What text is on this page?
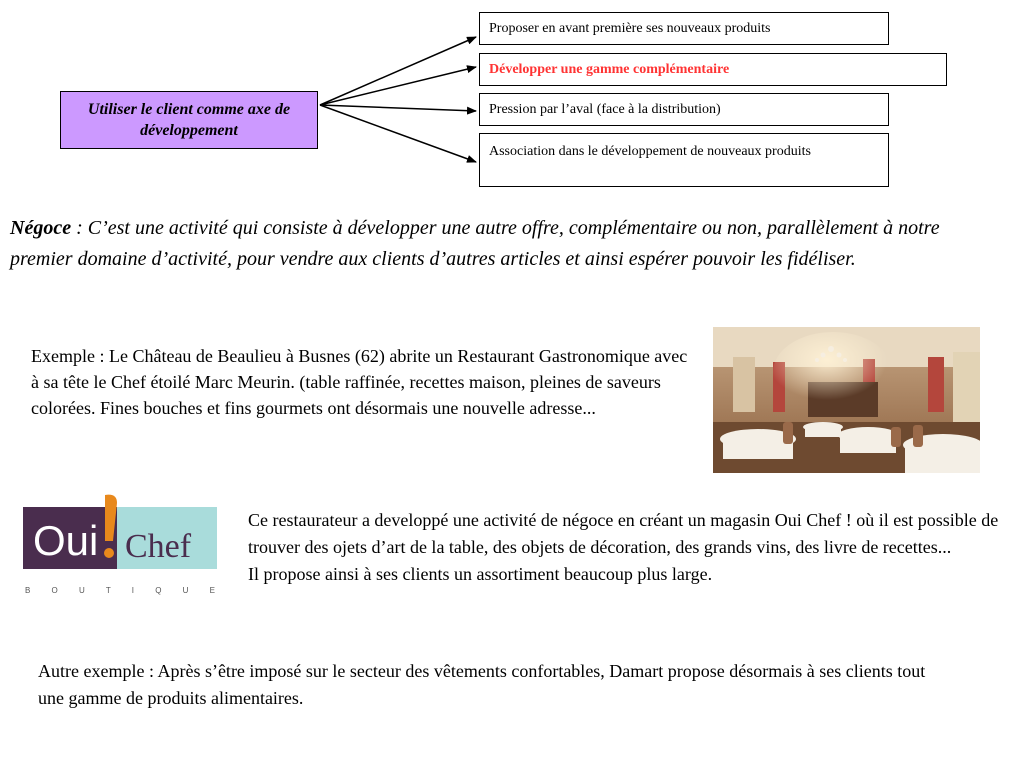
Utiliser le client comme axe de développement
Proposer en avant première ses nouveaux produits
Développer une gamme complémentaire
Pression par l’aval (face à la distribution)
Association dans le développement de nouveaux produits

Négoce : C’est une activité qui consiste à développer une autre offre, complémentaire ou non, parallèlement à notre premier domaine d’activité, pour vendre aux clients d’autres articles et ainsi espérer pouvoir les fidéliser.

Exemple : Le Château de Beaulieu à Busnes (62) abrite un Restaurant Gastronomique avec à sa tête le Chef étoilé Marc Meurin. (table raffinée, recettes maison, pleines de saveurs colorées. Fines bouches et fins gourmets ont désormais une nouvelle adresse...

Oui Chef
B O U T I Q U E
Ce restaurateur a developpé une activité de négoce en créant un magasin Oui Chef ! où il est possible de trouver des ojets d’art de la table, des objets de décoration, des grands vins, des livre de recettes...
Il propose ainsi à ses clients un assortiment beaucoup plus large.

Autre exemple : Après s’être imposé sur le secteur des vêtements confortables, Damart propose désormais à ses clients tout une gamme de produits alimentaires.
